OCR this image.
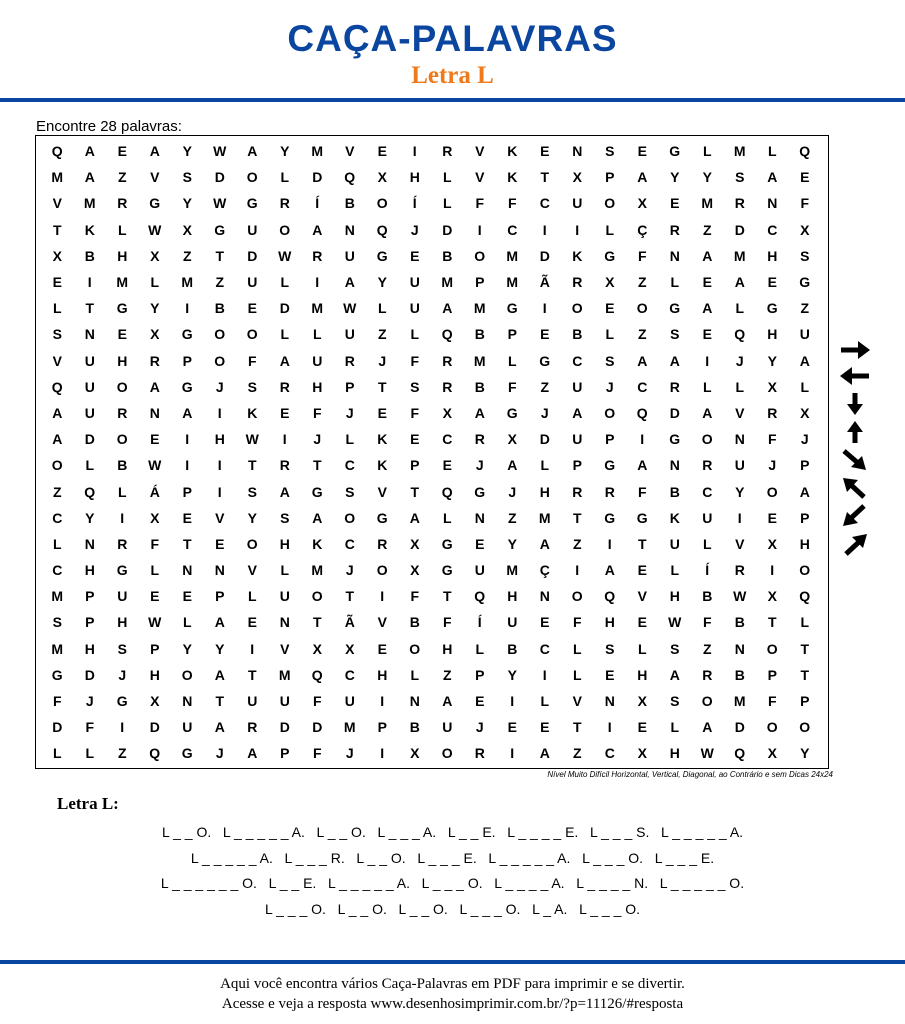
CAÇA-PALAVRAS
Letra L
Encontre 28 palavras:
Q	A	E	A	Y	W	A	Y	M	V	E	I	R	V	K	E	N	S	E	G	L	M	L	Q
M	A	Z	V	S	D	O	L	D	Q	X	H	L	V	K	T	X	P	A	Y	Y	S	A	E
V	M	R	G	Y	W	G	R	Í	B	O	Í	L	F	F	C	U	O	X	E	M	R	N	F
T	K	L	W	X	G	U	O	A	N	Q	J	D	I	C	I	I	L	Ç	R	Z	D	C	X
X	B	H	X	Z	T	D	W	R	U	G	E	B	O	M	D	K	G	F	N	A	M	H	S
E	I	M	L	M	Z	U	L	I	A	Y	U	M	P	M	Ã	R	X	Z	L	E	A	E	G
L	T	G	Y	I	B	E	D	M	W	L	U	A	M	G	I	O	E	O	G	A	L	G	Z
S	N	E	X	G	O	O	L	L	U	Z	L	Q	B	P	E	B	L	Z	S	E	Q	H	U
V	U	H	R	P	O	F	A	U	R	J	F	R	M	L	G	C	S	A	A	I	J	Y	A
Q	U	O	A	G	J	S	R	H	P	T	S	R	B	F	Z	U	J	C	R	L	L	X	L
A	U	R	N	A	I	K	E	F	J	E	F	X	A	G	J	A	O	Q	D	A	V	R	X
A	D	O	E	I	H	W	I	J	L	K	E	C	R	X	D	U	P	I	G	O	N	F	J
O	L	B	W	I	I	T	R	T	C	K	P	E	J	A	L	P	G	A	N	R	U	J	P
Z	Q	L	Á	P	I	S	A	G	S	V	T	Q	G	J	H	R	R	F	B	C	Y	O	A
C	Y	I	X	E	V	Y	S	A	O	G	A	L	N	Z	M	T	G	G	K	U	I	E	P
L	N	R	F	T	E	O	H	K	C	R	X	G	E	Y	A	Z	I	T	U	L	V	X	H
C	H	G	L	N	N	V	L	M	J	O	X	G	U	M	Ç	I	A	E	L	Í	R	I	O
M	P	U	E	E	P	L	U	O	T	I	F	T	Q	H	N	O	Q	V	H	B	W	X	Q
S	P	H	W	L	A	E	N	T	Ã	V	B	F	Í	U	E	F	H	E	W	F	B	T	L
M	H	S	P	Y	Y	I	V	X	X	E	O	H	L	B	C	L	S	L	S	Z	N	O	T
G	D	J	H	O	A	T	M	Q	C	H	L	Z	P	Y	I	L	E	H	A	R	B	P	T
F	J	G	X	N	T	U	U	F	U	I	N	A	E	I	L	V	N	X	S	O	M	F	P
D	F	I	D	U	A	R	D	D	M	P	B	U	J	E	E	T	I	E	L	A	D	O	O
L	L	Z	Q	G	J	A	P	F	J	I	X	O	R	I	A	Z	C	X	H	W	Q	X	Y
Nível Muito Difícil Horizontal, Vertical, Diagonal, ao Contrário e sem Dicas 24x24
Letra L:
L _ _ O.   L _ _ _ _ _ A.   L _ _ O.   L _ _ _ A.   L _ _ E.   L _ _ _ _ E.   L _ _ _ S.   L _ _ _ _ _ A.
L _ _ _ _ _ A.   L _ _ _ R.   L _ _ O.   L _ _ _ E.   L _ _ _ _ _ A.   L _ _ _ O.   L _ _ _ E.
L _ _ _ _ _ _ O.   L _ _ E.   L _ _ _ _ _ A.   L _ _ _ O.   L _ _ _ _ A.   L _ _ _ _ N.   L _ _ _ _ _ O.
L _ _ _ O.   L _ _ O.   L _ _ O.   L _ _ _ O.   L _ A.   L _ _ _ O.
Aqui você encontra vários Caça-Palavras em PDF para imprimir e se divertir.
Acesse e veja a resposta www.desenhosimprimir.com.br/?p=11126/#resposta
